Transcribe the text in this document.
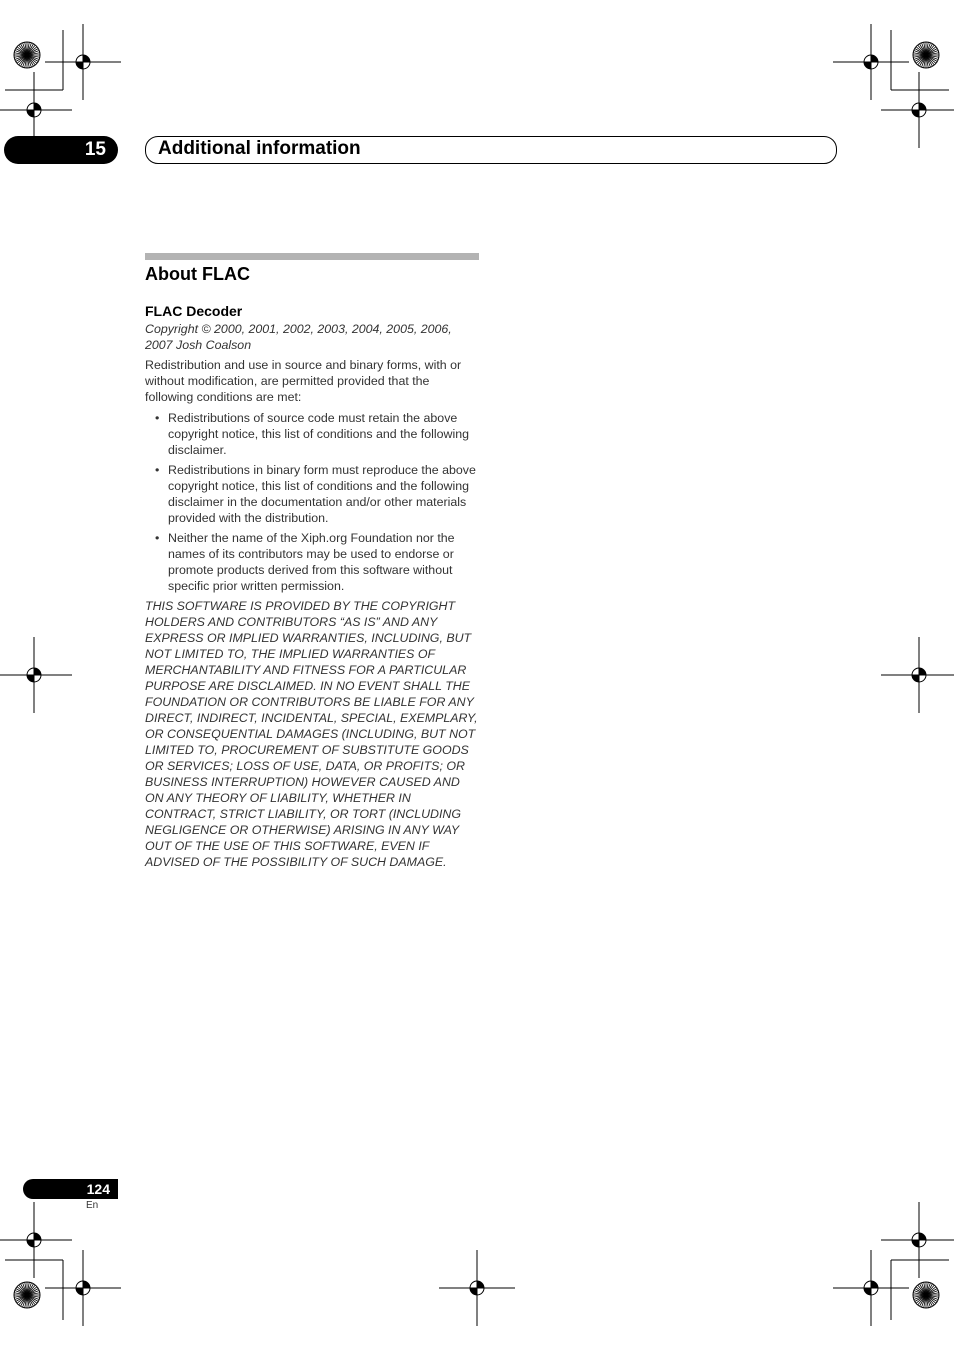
15	Additional information
About FLAC
FLAC Decoder

Copyright © 2000, 2001, 2002, 2003, 2004, 2005, 2006, 2007 Josh Coalson

Redistribution and use in source and binary forms, with or without modification, are permitted provided that the following conditions are met:

• Redistributions of source code must retain the above copyright notice, this list of conditions and the following disclaimer.
• Redistributions in binary form must reproduce the above copyright notice, this list of conditions and the following disclaimer in the documentation and/or other materials provided with the distribution.
• Neither the name of the Xiph.org Foundation nor the names of its contributors may be used to endorse or promote products derived from this software without specific prior written permission.

THIS SOFTWARE IS PROVIDED BY THE COPYRIGHT HOLDERS AND CONTRIBUTORS “AS IS” AND ANY EXPRESS OR IMPLIED WARRANTIES, INCLUDING, BUT NOT LIMITED TO, THE IMPLIED WARRANTIES OF MERCHANTABILITY AND FITNESS FOR A PARTICULAR PURPOSE ARE DISCLAIMED. IN NO EVENT SHALL THE FOUNDATION OR CONTRIBUTORS BE LIABLE FOR ANY DIRECT, INDIRECT, INCIDENTAL, SPECIAL, EXEMPLARY, OR CONSEQUENTIAL DAMAGES (INCLUDING, BUT NOT LIMITED TO, PROCUREMENT OF SUBSTITUTE GOODS OR SERVICES; LOSS OF USE, DATA, OR PROFITS; OR BUSINESS INTERRUPTION) HOWEVER CAUSED AND ON ANY THEORY OF LIABILITY, WHETHER IN CONTRACT, STRICT LIABILITY, OR TORT (INCLUDING NEGLIGENCE OR OTHERWISE) ARISING IN ANY WAY OUT OF THE USE OF THIS SOFTWARE, EVEN IF ADVISED OF THE POSSIBILITY OF SUCH DAMAGE.

124
En
